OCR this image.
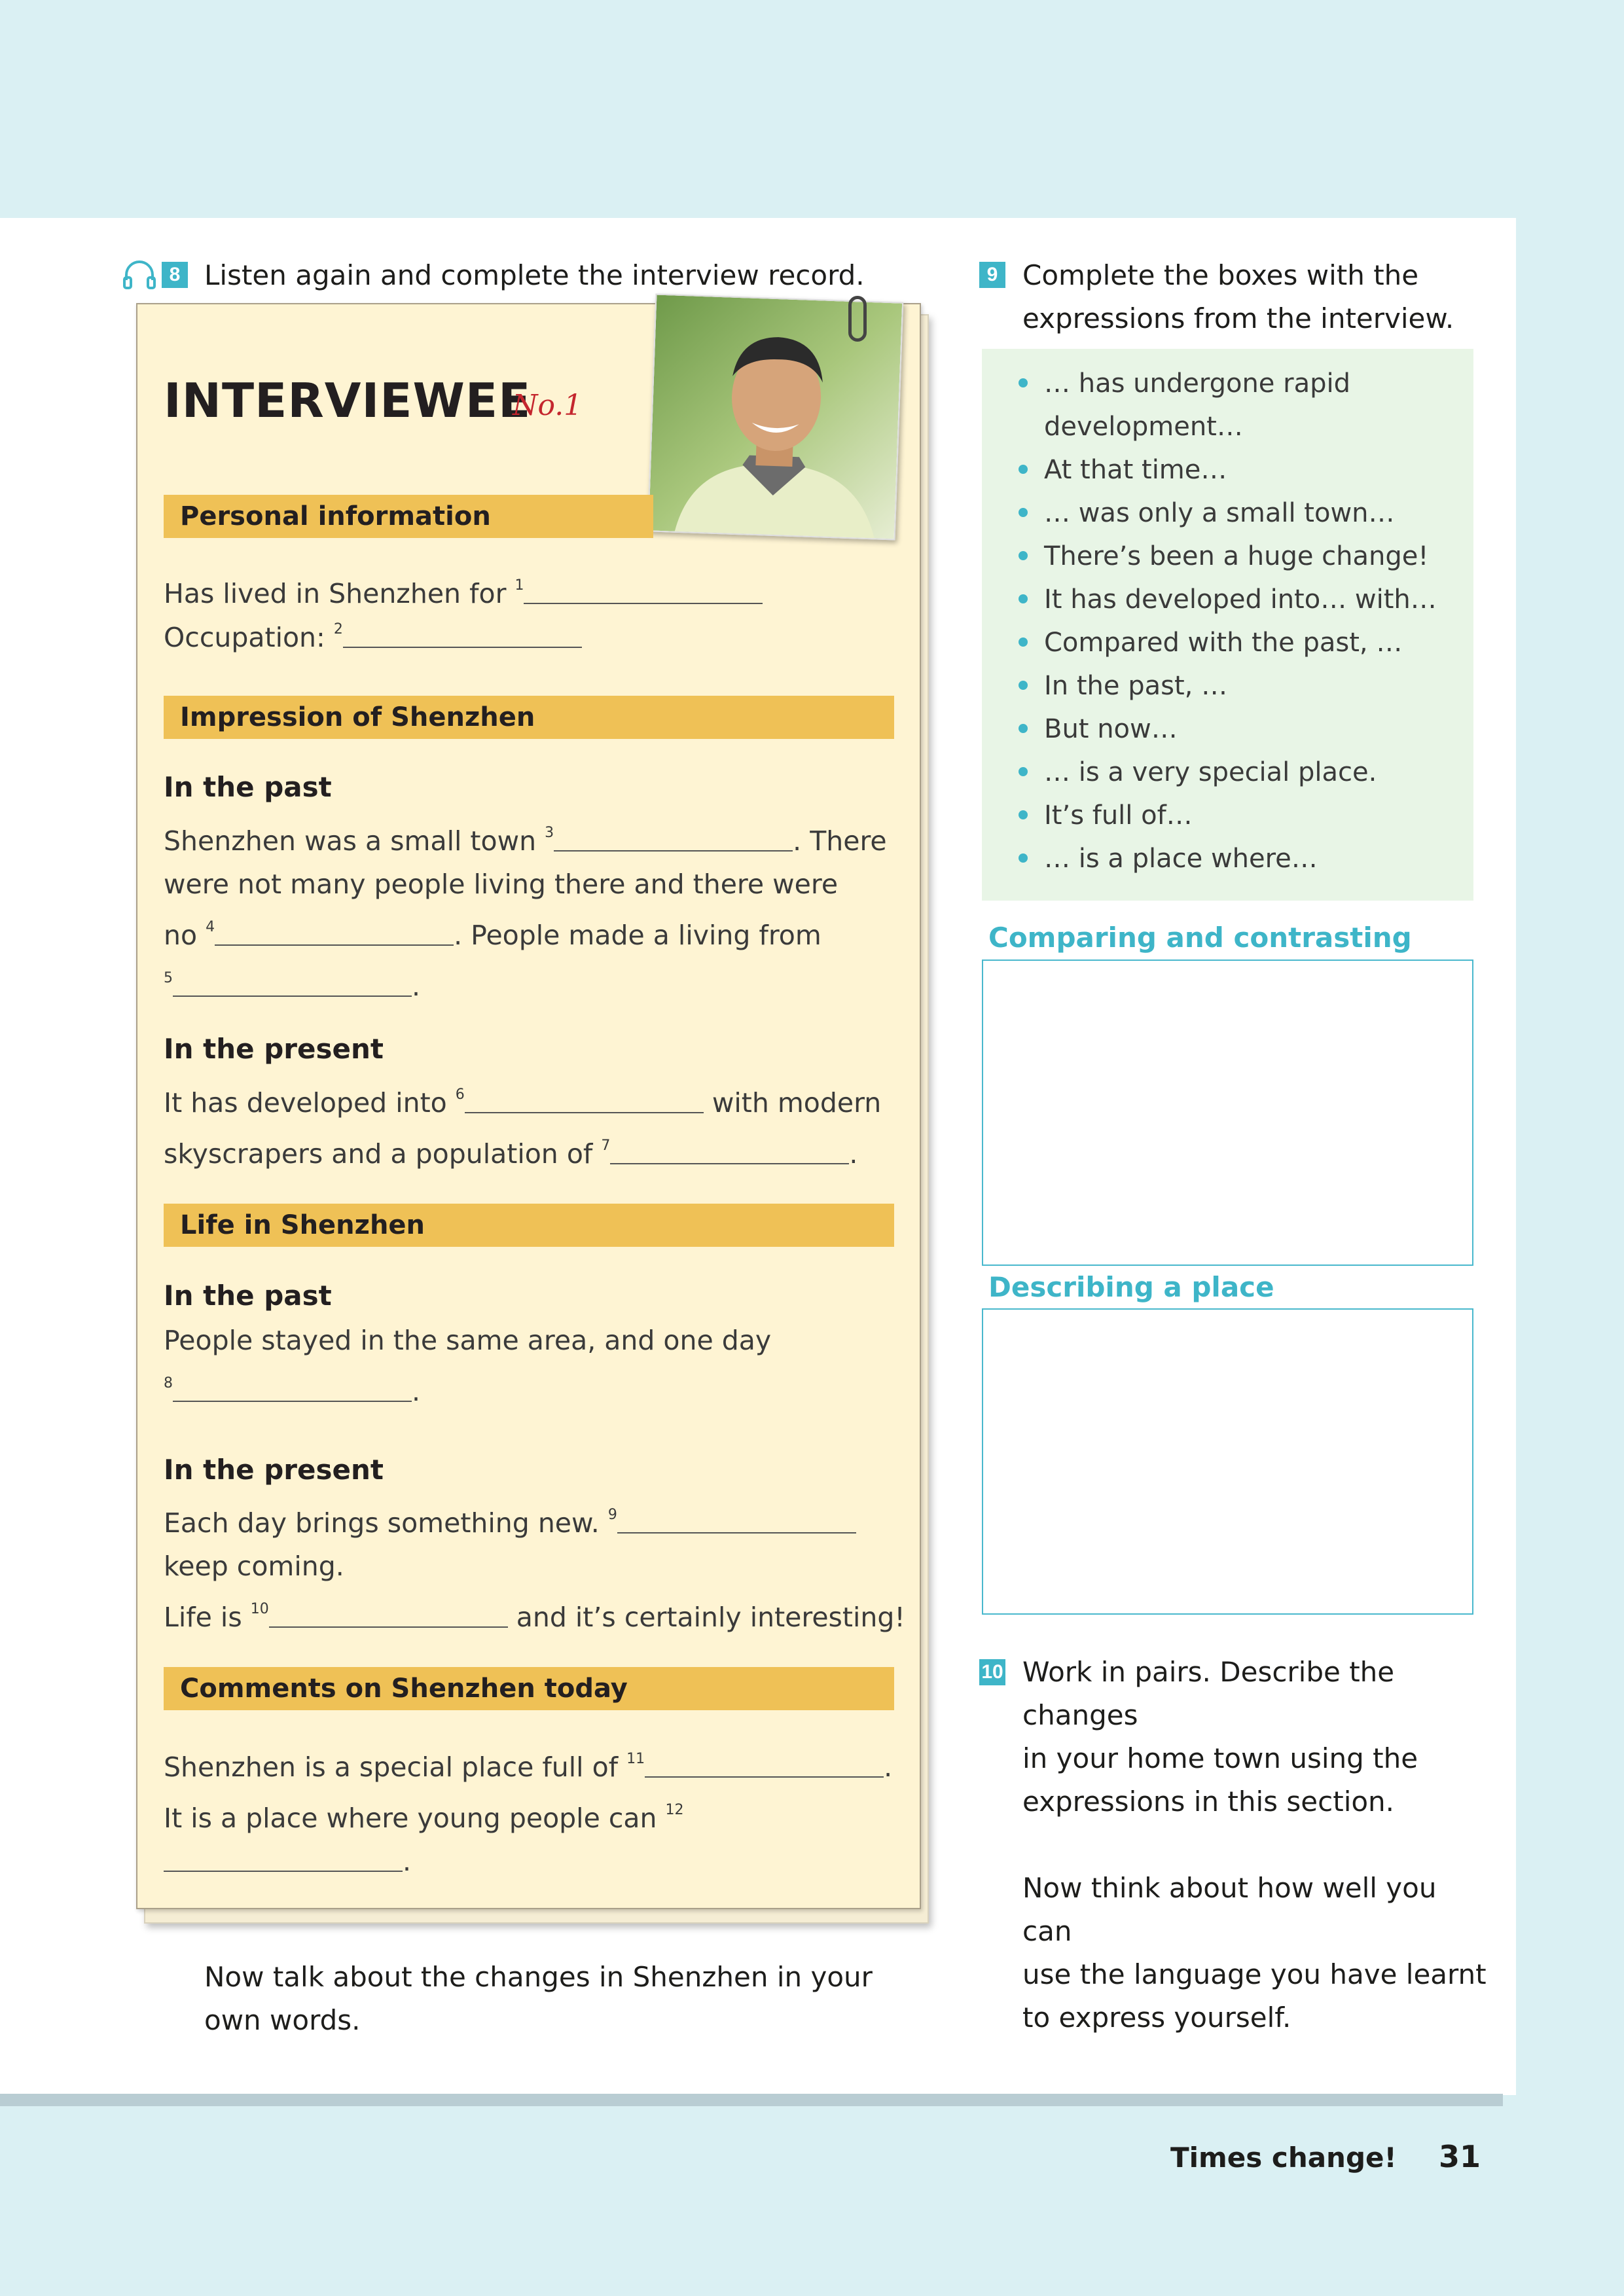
8 Listen again and complete the interview record.
INTERVIEWEE
No.1
Personal information
Has lived in Shenzhen for $^1$
Occupation: $^2$
Impression of Shenzhen
In the past
Shenzhen was a small town $^3$	. There
were not many people living there and there were
no $^4$	. People made a living from
$^5$	.
In the present
It has developed into $^6$	with modern
skyscrapers and a population of $^7$	.
Life in Shenzhen
In the past
People stayed in the same area, and one day
$^8$	.
In the present
Each day brings something new. $^9$
keep coming.
Life is $^{10}$	and it’s certainly interesting!
Comments on Shenzhen today
Shenzhen is a special place full of $^{11}$	.
It is a place where young people can $^{12}$.
Now talk about the changes in Shenzhen in your
own words.
9 Complete the boxes with the
expressions from the interview.
… has undergone rapid
development…
At that time…
… was only a small town…
There’s been a huge change!
It has developed into… with…
Compared with the past, …
In the past, …
But now…
… is a very special place.
It’s full of…
… is a place where…
Comparing and contrasting
Describing a place
10 Work in pairs. Describe the changes
in your home town using the
expressions in this section.
Now think about how well you can
use the language you have learnt
to express yourself.
Times change! 31
